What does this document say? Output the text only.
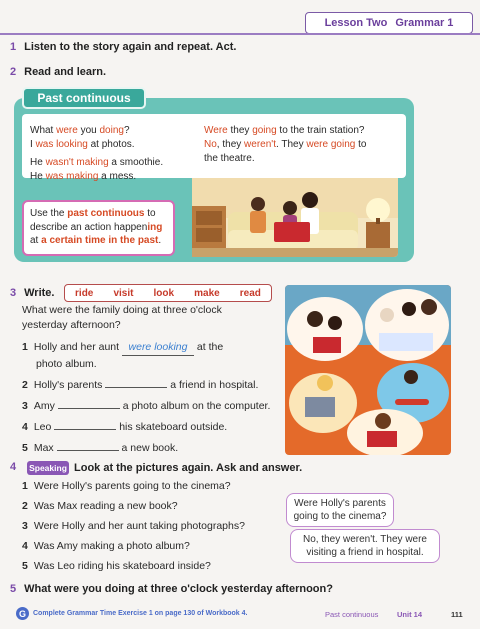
Lesson Two Grammar 1
1 Listen to the story again and repeat. Act.
2 Read and learn.
Past continuous
What were you doing?
I was looking at photos.
He wasn't making a smoothie.
He was making a mess.
Were they going to the train station?
No, they weren't. They were going to
the theatre.
Use the past continuous to
describe an action happening
at a certain time in the past.
3 Write. ride visit look make read
What were the family doing at three o'clock
yesterday afternoon?
1 Holly and her aunt were looking at the
photo album.
2 Holly's parents	a friend in hospital.
3 Amy	a photo album on the computer.
4 Leo	his skateboard outside.
5 Max	a new book.
4	Speaking Look at the pictures again. Ask and answer.
1 Were Holly's parents going to the cinema?
2 Was Max reading a new book?
3 Were Holly and her aunt taking photographs?
4 Was Amy making a photo album?
5 Was Leo riding his skateboard inside?
Were Holly's parents
going to the cinema?
No, they weren't. They were
visiting a friend in hospital.
5 What were you doing at three o'clock yesterday afternoon?
G	Complete Grammar Time Exercise 1 on page 130 of Workbook 4.	Past continuous Unit 14	111
